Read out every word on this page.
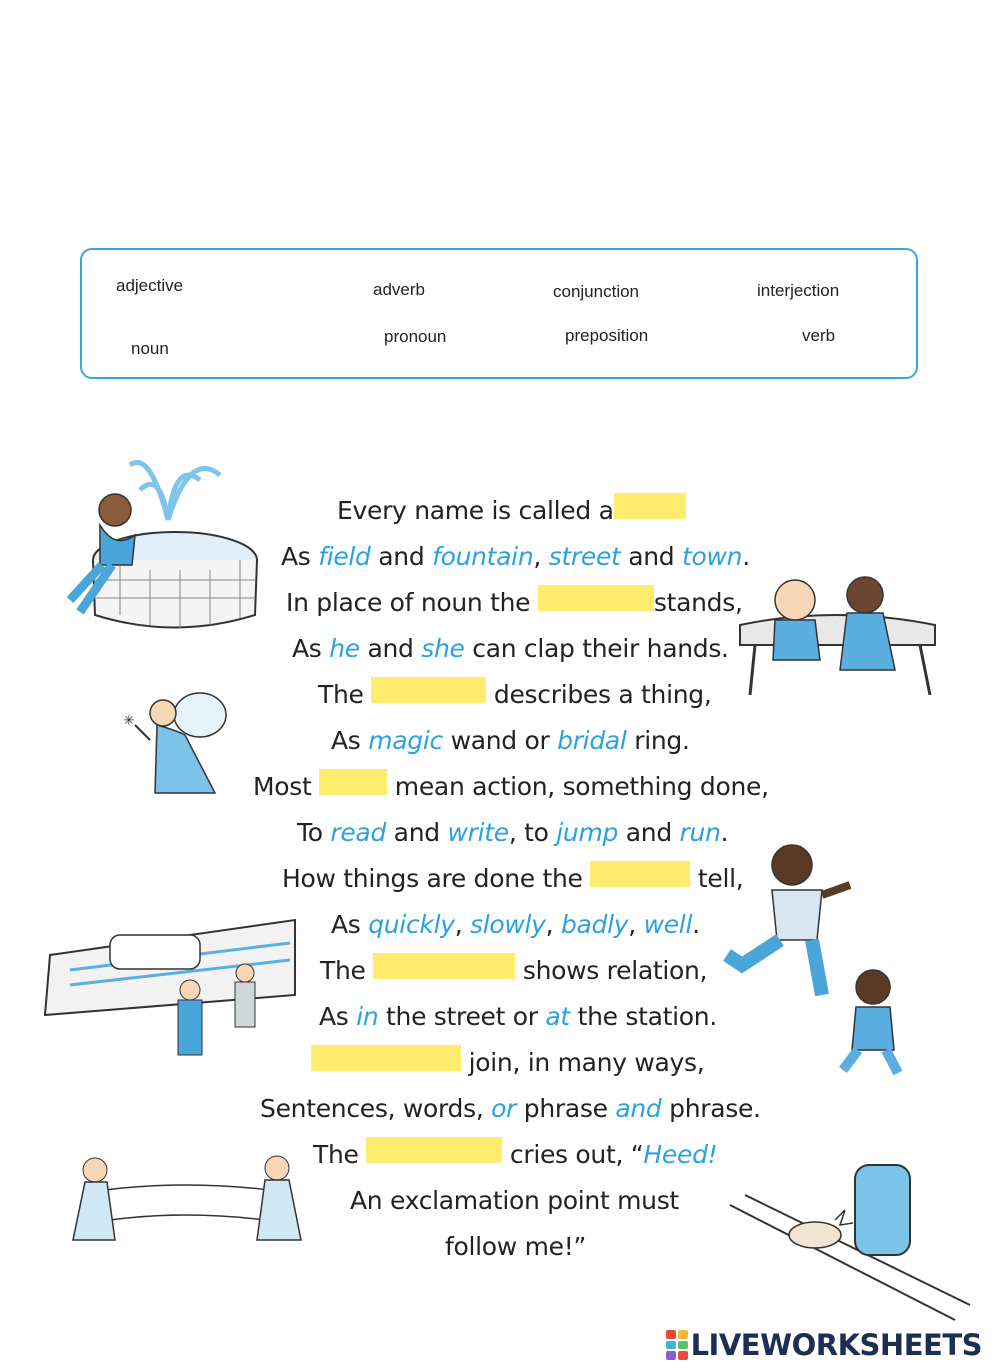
adjective	adverb	conjunction	interjection
noun
pronoun	preposition	verb
✳
Every name is called a
As field and fountain, street and town.
In place of noun the	stands,
As he and she can clap their hands.
The	describes a thing,
As magic wand or bridal ring.
Most	mean action, something done,
To read and write, to jump and run.
How things are done the	tell,
As quickly, slowly, badly, well.
The	shows relation,
As in the street or at the station.
join, in many ways,
Sentences, words, or phrase and phrase.
The	cries out, “Heed!
An exclamation point must
follow me!”
LIVEWORKSHEETS
